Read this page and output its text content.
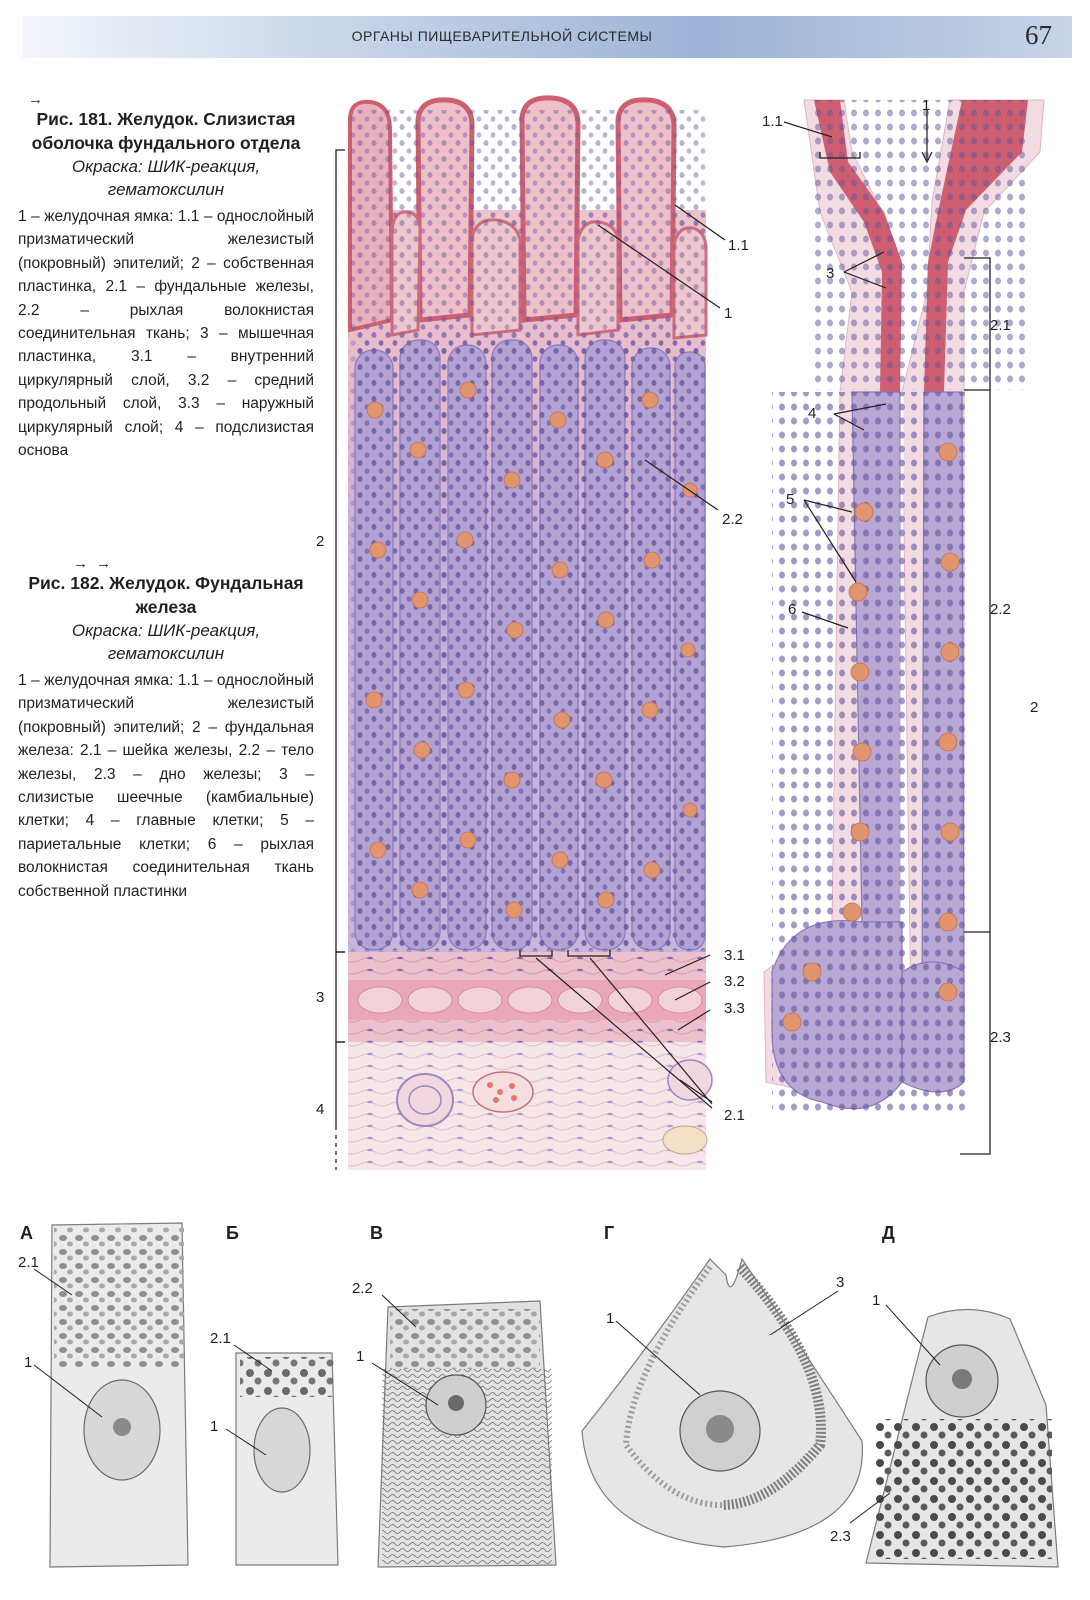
ОРГАНЫ ПИЩЕВАРИТЕЛЬНОЙ СИСТЕМЫ	67
→
Рис. 181. Желудок. Слизистая оболочка фундального отдела
Окраска: ШИК-реакция, гематоксилин
1 – желудочная ямка: 1.1 – однослойный призматический железистый (покровный) эпителий; 2 – собственная пластинка, 2.1 – фундальные железы, 2.2 – рыхлая волокнистая соединительная ткань; 3 – мышечная пластинка, 3.1 – внутренний циркулярный слой, 3.2 – средний продольный слой, 3.3 – наружный циркулярный слой; 4 – подслизистая основа
→ →
Рис. 182. Желудок. Фундальная железа
Окраска: ШИК-реакция, гематоксилин
1 – желудочная ямка: 1.1 – однослойный призматический железистый (покровный) эпителий; 2 – фундальная железа: 2.1 – шейка железы, 2.2 – тело железы, 2.3 – дно железы; 3 – слизистые шеечные (камбиальные) клетки; 4 – главные клетки; 5 – париетальные клетки; 6 – рыхлая волокнистая соединительная ткань собственной пластинки
1.1
1
2.2
2
3.1
3.2
3.3
3
2.1
4
1
1.1
3
2.1
4
5
6	2.2
2
2.3
А
2.1
1
Б
2.1
1
В
2.2
1
Г
1
3
Д
1
2.3
